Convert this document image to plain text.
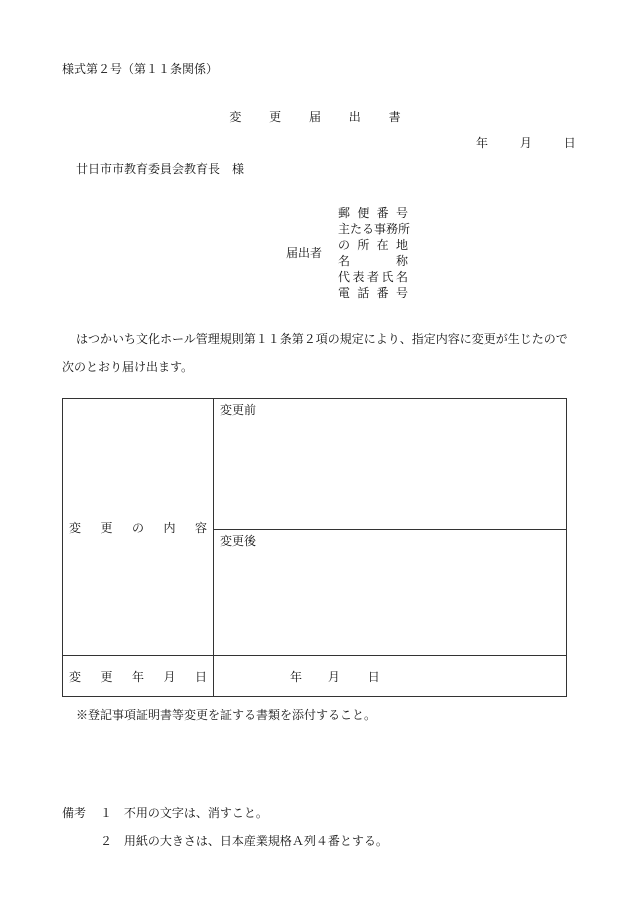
様式第２号（第１１条関係）
変 更 届 出 書
年	月	日
廿日市市教育委員会教育長　様
届出者
郵 便 番 号
主たる事務所
の 所 在 地
名 称
代表者氏名
電 話 番 号
はつかいち文化ホール管理規則第１１条第２項の規定により、指定内容に変更が生じたので次のとおり届け出ます。
変 更 の 内 容	変更前

	変更後

変 更 年 月 日	年 月 日
※登記事項証明書等変更を証する書類を添付すること。
備考 １ 不用の文字は、消すこと。
２ 用紙の大きさは、日本産業規格Ａ列４番とする。
